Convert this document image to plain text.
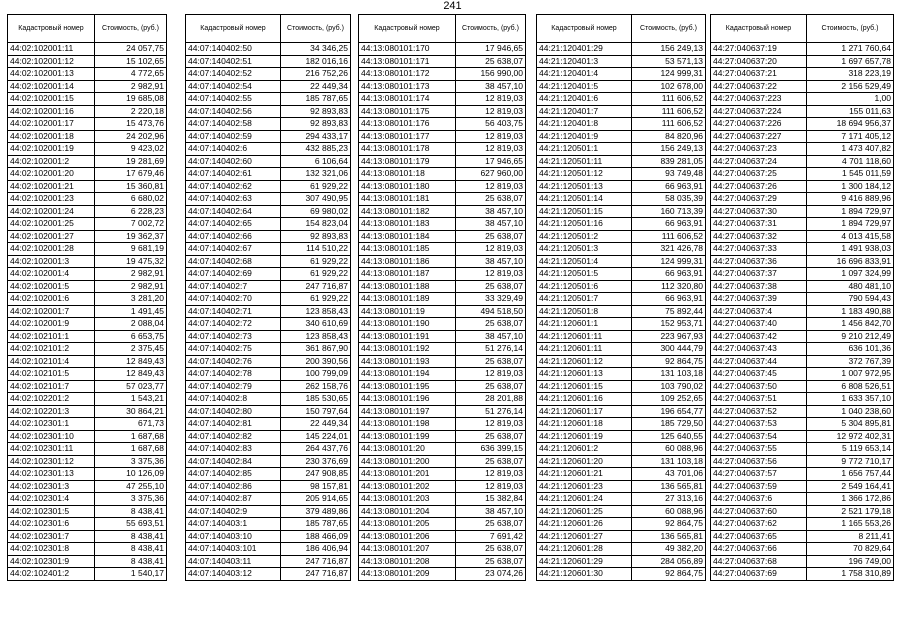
241
Кадастровый номер	Стоимость, (руб.)
44:02:102001:11	24 057,75
44:02:102001:12	15 102,65
44:02:102001:13	4 772,65
44:02:102001:14	2 982,91
44:02:102001:15	19 685,08
44:02:102001:16	2 220,18
44:02:102001:17	15 473,76
44:02:102001:18	24 202,96
44:02:102001:19	9 423,02
44:02:102001:2	19 281,69
44:02:102001:20	17 679,46
44:02:102001:21	15 360,81
44:02:102001:23	6 680,02
44:02:102001:24	6 228,23
44:02:102001:25	7 002,72
44:02:102001:27	19 362,37
44:02:102001:28	9 681,19
44:02:102001:3	19 475,32
44:02:102001:4	2 982,91
44:02:102001:5	2 982,91
44:02:102001:6	3 281,20
44:02:102001:7	1 491,45
44:02:102001:9	2 088,04
44:02:102101:1	6 653,75
44:02:102101:2	2 375,45
44:02:102101:4	12 849,43
44:02:102101:5	12 849,43
44:02:102101:7	57 023,77
44:02:102201:2	1 543,21
44:02:102201:3	30 864,21
44:02:102301:1	671,73
44:02:102301:10	1 687,68
44:02:102301:11	1 687,68
44:02:102301:12	3 375,36
44:02:102301:13	10 126,09
44:02:102301:3	47 255,10
44:02:102301:4	3 375,36
44:02:102301:5	8 438,41
44:02:102301:6	55 693,51
44:02:102301:7	8 438,41
44:02:102301:8	8 438,41
44:02:102301:9	8 438,41
44:02:102401:2	1 540,17
Кадастровый номер	Стоимость, (руб.)
44:07:140402:50	34 346,25
44:07:140402:51	182 016,16
44:07:140402:52	216 752,26
44:07:140402:54	22 449,34
44:07:140402:55	185 787,65
44:07:140402:56	92 893,83
44:07:140402:58	92 893,83
44:07:140402:59	294 433,17
44:07:140402:6	432 885,23
44:07:140402:60	6 106,64
44:07:140402:61	132 321,06
44:07:140402:62	61 929,22
44:07:140402:63	307 490,95
44:07:140402:64	69 980,02
44:07:140402:65	154 823,04
44:07:140402:66	92 893,83
44:07:140402:67	114 510,22
44:07:140402:68	61 929,22
44:07:140402:69	61 929,22
44:07:140402:7	247 716,87
44:07:140402:70	61 929,22
44:07:140402:71	123 858,43
44:07:140402:72	340 610,69
44:07:140402:73	123 858,43
44:07:140402:75	361 867,90
44:07:140402:76	200 390,56
44:07:140402:78	100 799,09
44:07:140402:79	262 158,76
44:07:140402:8	185 530,65
44:07:140402:80	150 797,64
44:07:140402:81	22 449,34
44:07:140402:82	145 224,01
44:07:140402:83	264 437,76
44:07:140402:84	230 376,69
44:07:140402:85	247 908,85
44:07:140402:86	98 157,81
44:07:140402:87	205 914,65
44:07:140402:9	379 489,86
44:07:140403:1	185 787,65
44:07:140403:10	188 466,09
44:07:140403:101	186 406,94
44:07:140403:11	247 716,87
44:07:140403:12	247 716,87
Кадастровый номер	Стоимость, (руб.)
44:13:080101:170	17 946,65
44:13:080101:171	25 638,07
44:13:080101:172	156 990,00
44:13:080101:173	38 457,10
44:13:080101:174	12 819,03
44:13:080101:175	12 819,03
44:13:080101:176	56 403,75
44:13:080101:177	12 819,03
44:13:080101:178	12 819,03
44:13:080101:179	17 946,65
44:13:080101:18	627 960,00
44:13:080101:180	12 819,03
44:13:080101:181	25 638,07
44:13:080101:182	38 457,10
44:13:080101:183	38 457,10
44:13:080101:184	25 638,07
44:13:080101:185	12 819,03
44:13:080101:186	38 457,10
44:13:080101:187	12 819,03
44:13:080101:188	25 638,07
44:13:080101:189	33 329,49
44:13:080101:19	494 518,50
44:13:080101:190	25 638,07
44:13:080101:191	38 457,10
44:13:080101:192	51 276,14
44:13:080101:193	25 638,07
44:13:080101:194	12 819,03
44:13:080101:195	25 638,07
44:13:080101:196	28 201,88
44:13:080101:197	51 276,14
44:13:080101:198	12 819,03
44:13:080101:199	25 638,07
44:13:080101:20	636 399,15
44:13:080101:200	25 638,07
44:13:080101:201	12 819,03
44:13:080101:202	12 819,03
44:13:080101:203	15 382,84
44:13:080101:204	38 457,10
44:13:080101:205	25 638,07
44:13:080101:206	7 691,42
44:13:080101:207	25 638,07
44:13:080101:208	25 638,07
44:13:080101:209	23 074,26
Кадастровый номер	Стоимость, (руб.)
44:21:120401:29	156 249,13
44:21:120401:3	53 571,13
44:21:120401:4	124 999,31
44:21:120401:5	102 678,00
44:21:120401:6	111 606,52
44:21:120401:7	111 606,52
44:21:120401:8	111 606,52
44:21:120401:9	84 820,96
44:21:120501:1	156 249,13
44:21:120501:11	839 281,05
44:21:120501:12	93 749,48
44:21:120501:13	66 963,91
44:21:120501:14	58 035,39
44:21:120501:15	160 713,39
44:21:120501:16	66 963,91
44:21:120501:2	111 606,52
44:21:120501:3	321 426,78
44:21:120501:4	124 999,31
44:21:120501:5	66 963,91
44:21:120501:6	112 320,80
44:21:120501:7	66 963,91
44:21:120501:8	75 892,44
44:21:120601:1	152 953,71
44:21:120601:11	223 967,93
44:21:120601:11	300 444,79
44:21:120601:12	92 864,75
44:21:120601:13	131 103,18
44:21:120601:15	103 790,02
44:21:120601:16	109 252,65
44:21:120601:17	196 654,77
44:21:120601:18	185 729,50
44:21:120601:19	125 640,55
44:21:120601:2	60 088,96
44:21:120601:20	131 103,18
44:21:120601:21	43 701,06
44:21:120601:23	136 565,81
44:21:120601:24	27 313,16
44:21:120601:25	60 088,96
44:21:120601:26	92 864,75
44:21:120601:27	136 565,81
44:21:120601:28	49 382,20
44:21:120601:29	284 056,89
44:21:120601:30	92 864,75
Кадастровый номер	Стоимость, (руб.)
44:27:040637:19	1 271 760,64
44:27:040637:20	1 697 657,78
44:27:040637:21	318 223,19
44:27:040637:22	2 156 529,49
44:27:040637:223	1,00
44:27:040637:224	155 011,63
44:27:040637:226	18 694 956,37
44:27:040637:227	7 171 405,12
44:27:040637:23	1 473 407,82
44:27:040637:24	4 701 118,60
44:27:040637:25	1 545 011,59
44:27:040637:26	1 300 184,12
44:27:040637:29	9 416 889,96
44:27:040637:30	1 894 729,97
44:27:040637:31	1 894 729,97
44:27:040637:32	4 013 415,58
44:27:040637:33	1 491 938,03
44:27:040637:36	16 696 833,91
44:27:040637:37	1 097 324,99
44:27:040637:38	480 481,10
44:27:040637:39	790 594,43
44:27:040637:4	1 183 490,88
44:27:040637:40	1 456 842,70
44:27:040637:42	9 210 212,49
44:27:040637:43	636 101,36
44:27:040637:44	372 767,39
44:27:040637:45	1 007 972,95
44:27:040637:50	6 808 526,51
44:27:040637:51	1 633 357,10
44:27:040637:52	1 040 238,60
44:27:040637:53	5 304 895,81
44:27:040637:54	12 972 402,31
44:27:040637:55	5 119 653,14
44:27:040637:56	9 772 710,17
44:27:040637:57	1 656 757,44
44:27:040637:59	2 549 164,41
44:27:040637:6	1 366 172,86
44:27:040637:60	2 521 179,18
44:27:040637:62	1 165 553,26
44:27:040637:65	8 211,41
44:27:040637:66	70 829,64
44:27:040637:68	196 749,00
44:27:040637:69	1 758 310,89
